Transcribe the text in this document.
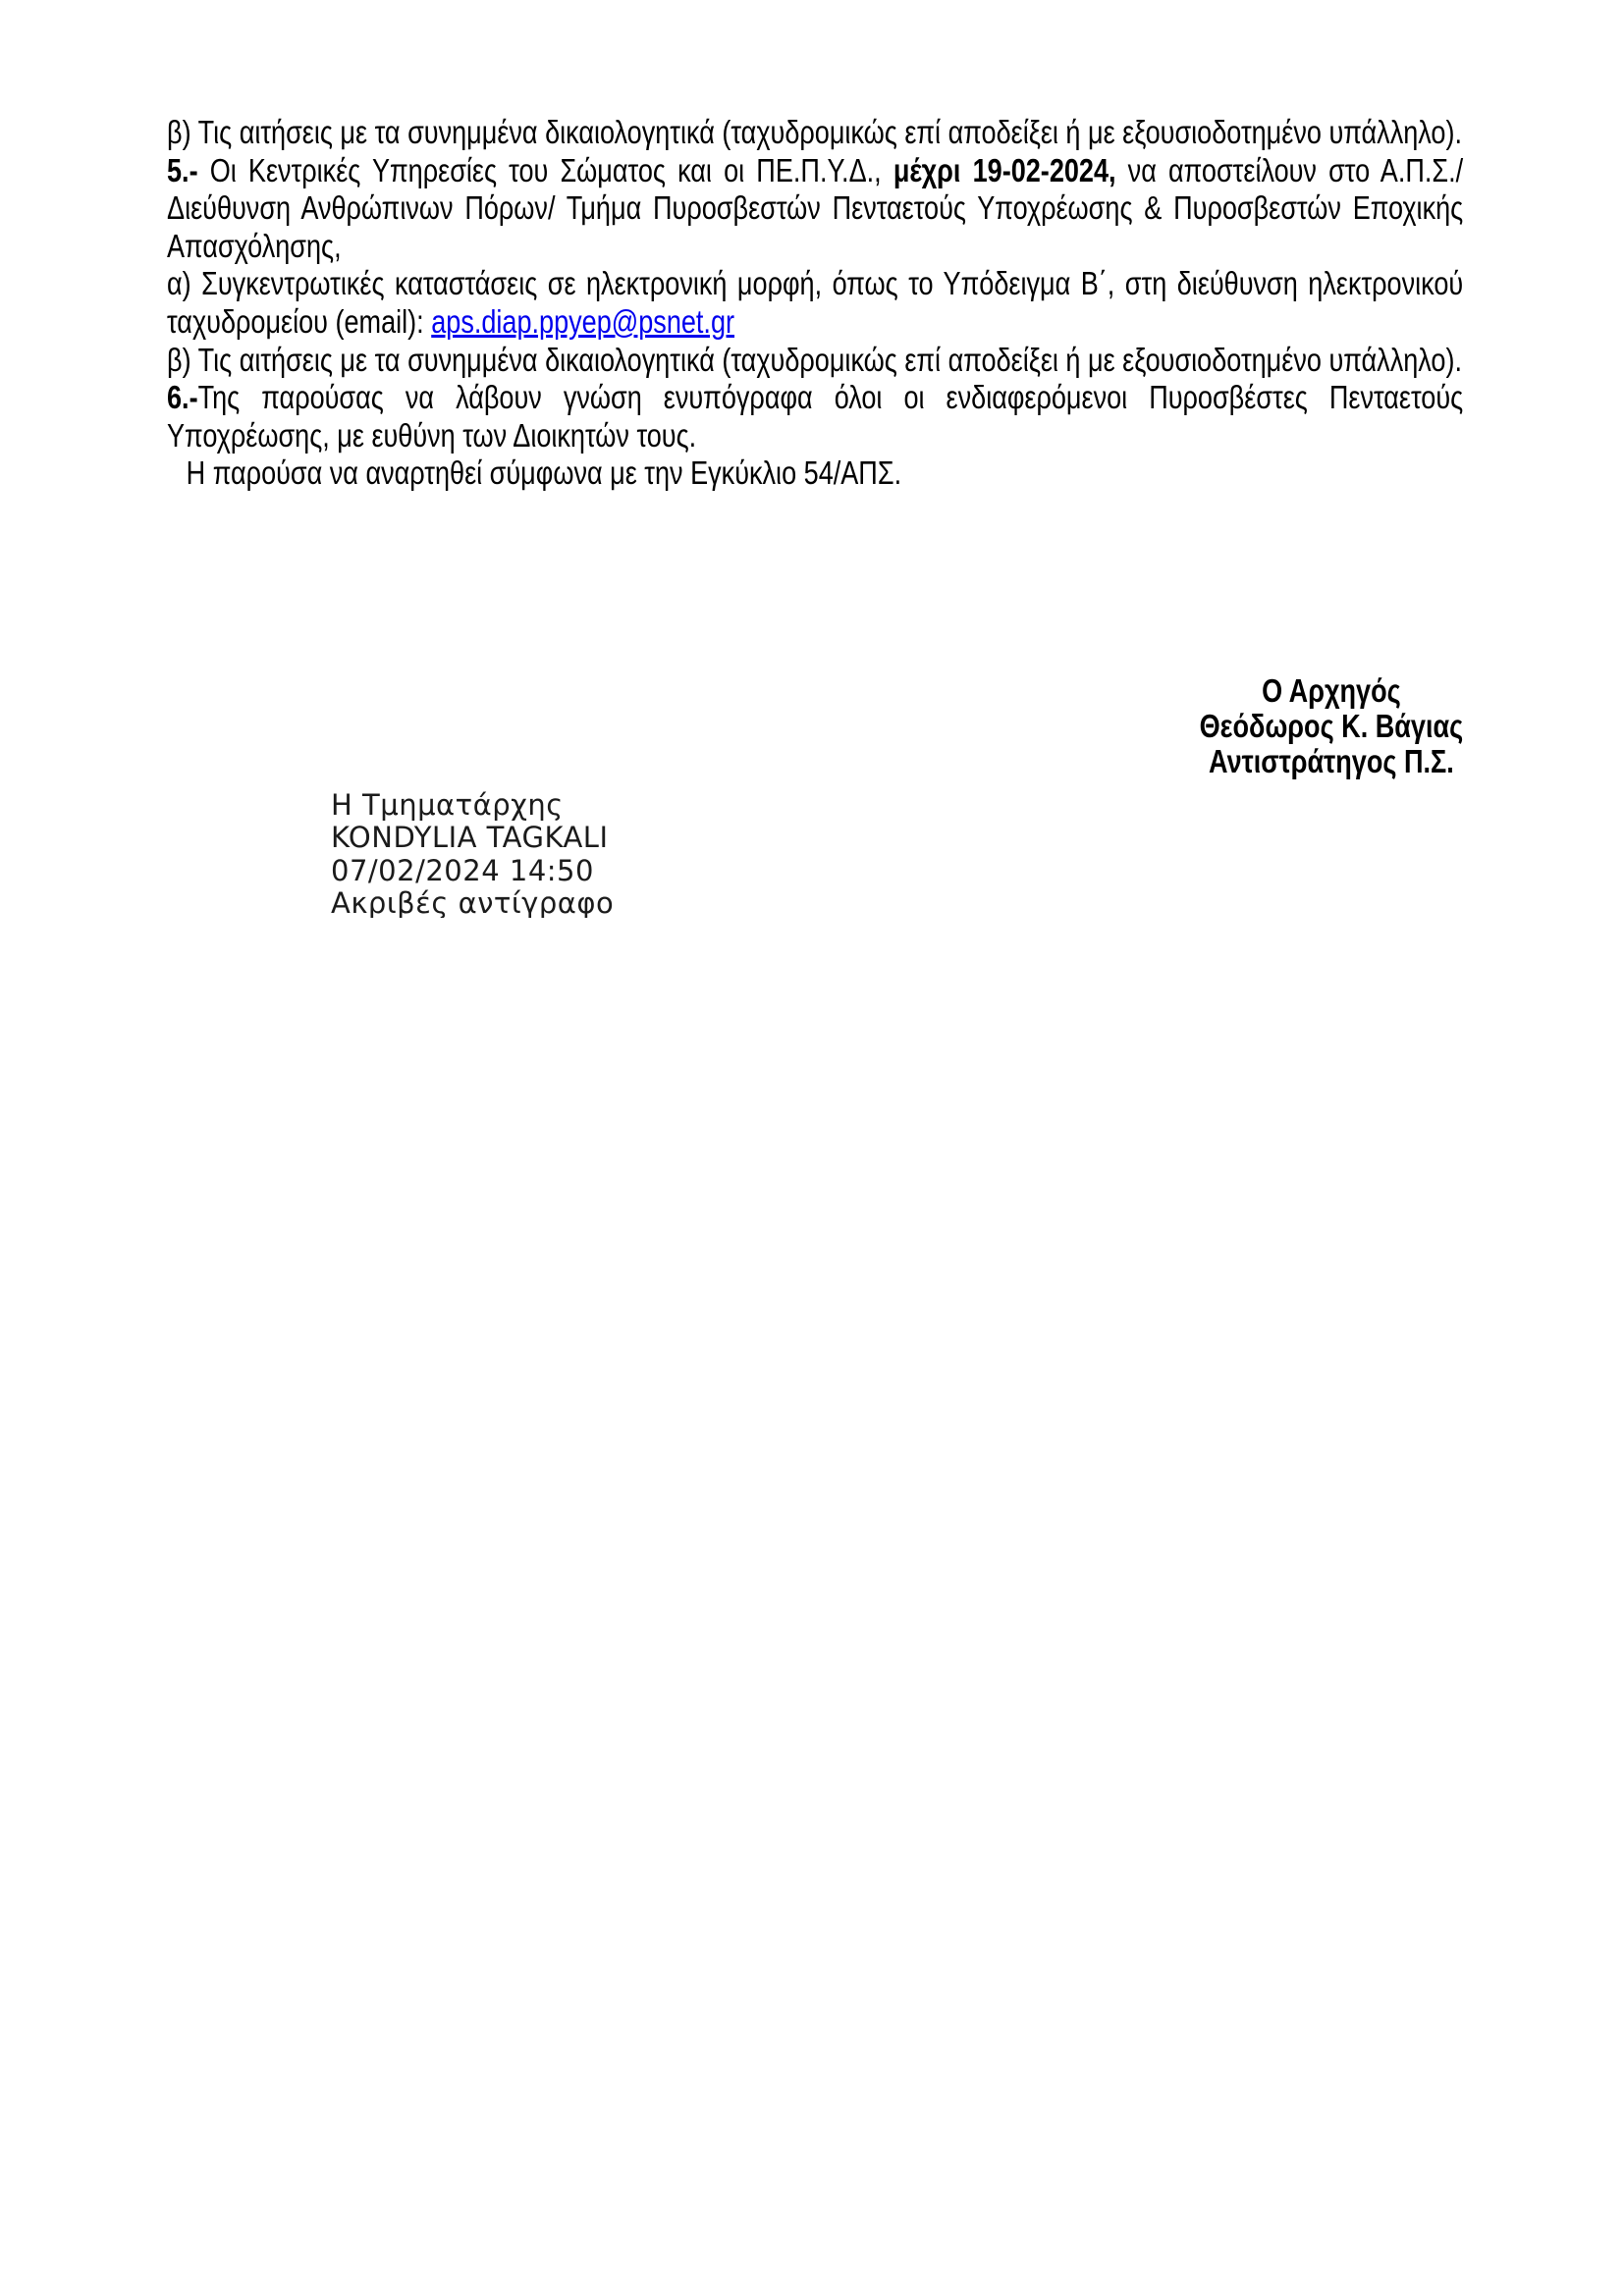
β) Τις αιτήσεις με τα συνημμένα δικαιολογητικά (ταχυδρομικώς επί αποδείξει ή με εξουσιοδοτημένο υπάλληλο).

5.- Οι Κεντρικές Υπηρεσίες του Σώματος και οι ΠΕ.Π.Υ.Δ., μέχρι 19-02-2024, να αποστείλουν στο Α.Π.Σ./Διεύθυνση Ανθρώπινων Πόρων/ Τμήμα Πυροσβεστών Πενταετούς Υποχρέωσης & Πυροσβεστών Εποχικής Απασχόλησης,

α) Συγκεντρωτικές καταστάσεις σε ηλεκτρονική μορφή, όπως το Υπόδειγμα Β΄, στη διεύθυνση ηλεκτρονικού ταχυδρομείου (email): aps.diap.ppyep@psnet.gr

β) Τις αιτήσεις με τα συνημμένα δικαιολογητικά (ταχυδρομικώς επί αποδείξει ή με εξουσιοδοτημένο υπάλληλο).

6.-Της παρούσας να λάβουν γνώση ενυπόγραφα όλοι οι ενδιαφερόμενοι Πυροσβέστες Πενταετούς Υποχρέωσης, με ευθύνη των Διοικητών τους.

Η παρούσα να αναρτηθεί σύμφωνα με την Εγκύκλιο 54/ΑΠΣ.

Ο Αρχηγός
Θεόδωρος Κ. Βάγιας
Αντιστράτηγος Π.Σ.
Η Τμηματάρχης
KONDYLIA TAGKALI
07/02/2024 14:50
Ακριβές αντίγραφο
